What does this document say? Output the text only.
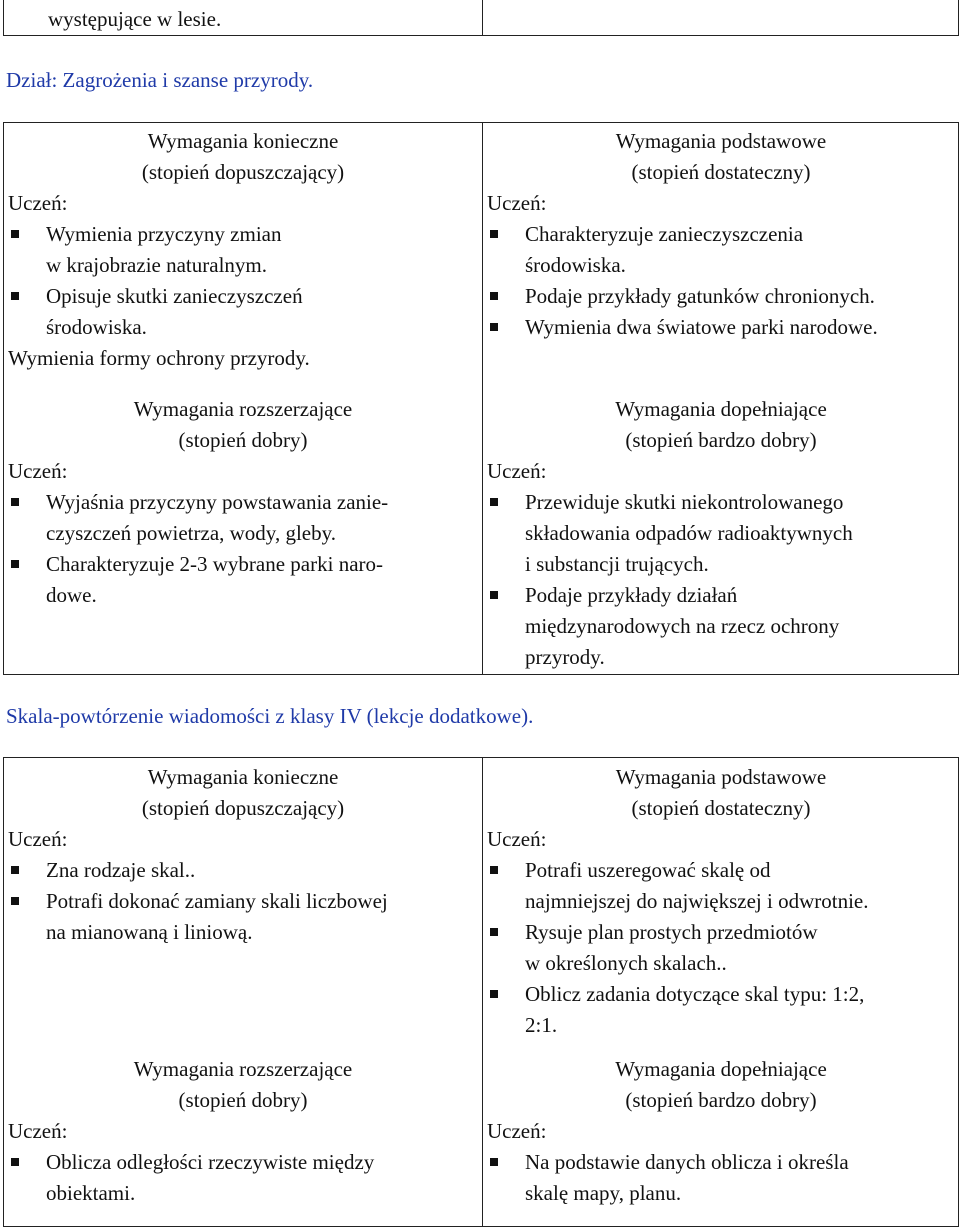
występujące w lesie.
Dział: Zagrożenia i szanse przyrody.
Wymagania konieczne
(stopień dopuszczający)
Uczeń:
Wymienia przyczyny zmian
w krajobrazie naturalnym.
Opisuje skutki zanieczyszczeń
środowiska.
Wymienia formy ochrony przyrody.
Wymagania podstawowe
(stopień dostateczny)
Uczeń:
Charakteryzuje zanieczyszczenia
środowiska.
Podaje przykłady gatunków chronionych.
Wymienia dwa światowe parki narodowe.
Wymagania rozszerzające
(stopień dobry)
Uczeń:
Wyjaśnia przyczyny powstawania zanie-
czyszczeń powietrza, wody, gleby.
Charakteryzuje 2-3 wybrane parki naro-
dowe.
Wymagania dopełniające
(stopień bardzo dobry)
Uczeń:
Przewiduje skutki niekontrolowanego
składowania odpadów radioaktywnych
i substancji trujących.
Podaje przykłady działań
międzynarodowych na rzecz ochrony
przyrody.
Skala-powtórzenie wiadomości z klasy IV (lekcje dodatkowe).
Wymagania konieczne
(stopień dopuszczający)
Uczeń:
Zna rodzaje skal..
Potrafi dokonać zamiany skali liczbowej
na mianowaną i liniową.
Wymagania podstawowe
(stopień dostateczny)
Uczeń:
Potrafi uszeregować skalę od
najmniejszej do największej i odwrotnie.
Rysuje plan prostych przedmiotów
w określonych skalach..
Oblicz zadania dotyczące skal typu: 1:2,
2:1.
Wymagania rozszerzające
(stopień dobry)
Uczeń:
Oblicza odległości rzeczywiste między
obiektami.
Wymagania dopełniające
(stopień bardzo dobry)
Uczeń:
Na podstawie danych oblicza i określa
skalę mapy, planu.
